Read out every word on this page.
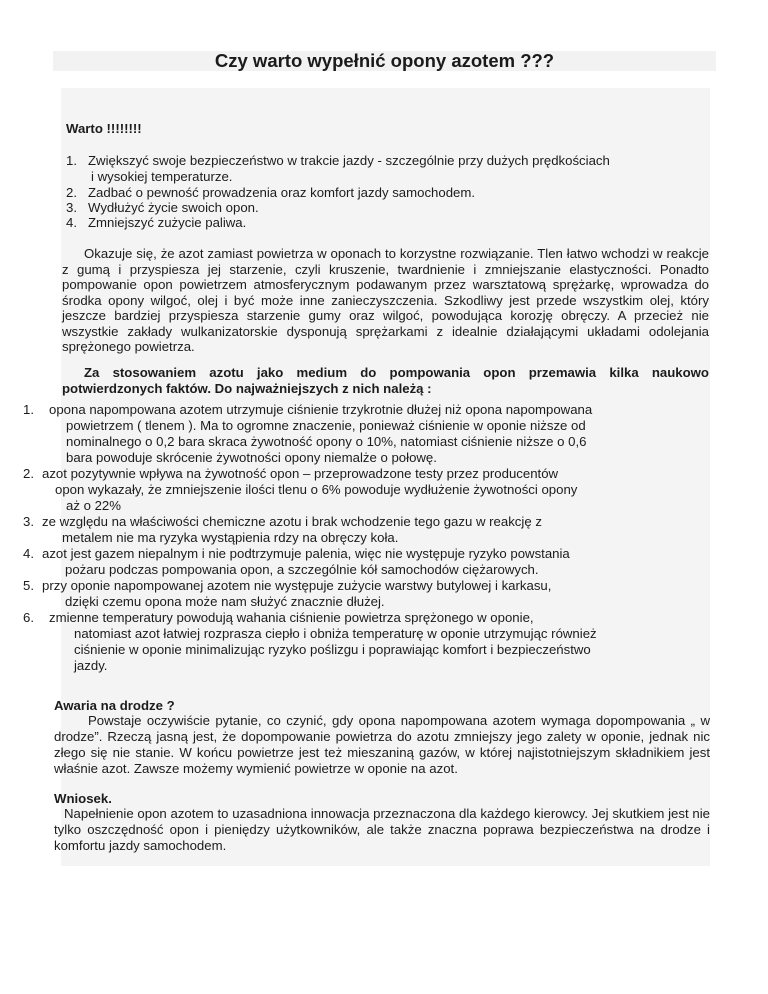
Czy warto wypełnić opony azotem ???
Warto !!!!!!!!
1. Zwiększyć swoje bezpieczeństwo w trakcie jazdy - szczególnie przy dużych prędkościach
i wysokiej temperaturze.
2. Zadbać o pewność prowadzenia oraz komfort jazdy samochodem.
3. Wydłużyć życie swoich opon.
4. Zmniejszyć zużycie paliwa.
Okazuje się, że azot zamiast powietrza w oponach to korzystne rozwiązanie. Tlen łatwo wchodzi w reakcje z gumą i przyspiesza jej starzenie, czyli kruszenie, twardnienie i zmniejszanie elastyczności. Ponadto pompowanie opon powietrzem atmosferycznym podawanym przez warsztatową sprężarkę, wprowadza do środka opony wilgoć, olej i być może inne zanieczyszczenia. Szkodliwy jest przede wszystkim olej, który jeszcze bardziej przyspiesza starzenie gumy oraz wilgoć, powodująca korozję obręczy. A przecież nie wszystkie zakłady wulkanizatorskie dysponują sprężarkami z idealnie działającymi układami odolejania sprężonego powietrza.
Za stosowaniem azotu jako medium do pompowania opon przemawia kilka naukowo potwierdzonych faktów. Do najważniejszych z nich należą :
1. opona napompowana azotem utrzymuje ciśnienie trzykrotnie dłużej niż opona napompowana
powietrzem ( tlenem ). Ma to ogromne znaczenie, ponieważ ciśnienie w oponie niższe od
nominalnego o 0,2 bara skraca żywotność opony o 10%, natomiast ciśnienie niższe o 0,6
bara powoduje skrócenie żywotności opony niemalże o połowę.
2. azot pozytywnie wpływa na żywotność opon – przeprowadzone testy przez producentów
opon wykazały, że zmniejszenie ilości tlenu o 6% powoduje wydłużenie żywotności opony
aż o 22%
3. ze względu na właściwości chemiczne azotu i brak wchodzenie tego gazu w reakcję z
metalem nie ma ryzyka wystąpienia rdzy na obręczy koła.
4. azot jest gazem niepalnym i nie podtrzymuje palenia, więc nie występuje ryzyko powstania
pożaru podczas pompowania opon, a szczególnie kół samochodów ciężarowych.
5. przy oponie napompowanej azotem nie występuje zużycie warstwy butylowej i karkasu,
dzięki czemu opona może nam służyć znacznie dłużej.
6. zmienne temperatury powodują wahania ciśnienie powietrza sprężonego w oponie,
natomiast azot łatwiej rozprasza ciepło i obniża temperaturę w oponie utrzymując również
ciśnienie w oponie minimalizując ryzyko poślizgu i poprawiając komfort i bezpieczeństwo
jazdy.
Awaria na drodze ?
Powstaje oczywiście pytanie, co czynić, gdy opona napompowana azotem wymaga dopompowania „ w drodze”. Rzeczą jasną jest, że dopompowanie powietrza do azotu zmniejszy jego zalety w oponie, jednak nic złego się nie stanie. W końcu powietrze jest też mieszaniną gazów, w której najistotniejszym składnikiem jest właśnie azot. Zawsze możemy wymienić powietrze w oponie na azot.
Wniosek.
Napełnienie opon azotem to uzasadniona innowacja przeznaczona dla każdego kierowcy. Jej skutkiem jest nie tylko oszczędność opon i pieniędzy użytkowników, ale także znaczna poprawa bezpieczeństwa na drodze i komfortu jazdy samochodem.
